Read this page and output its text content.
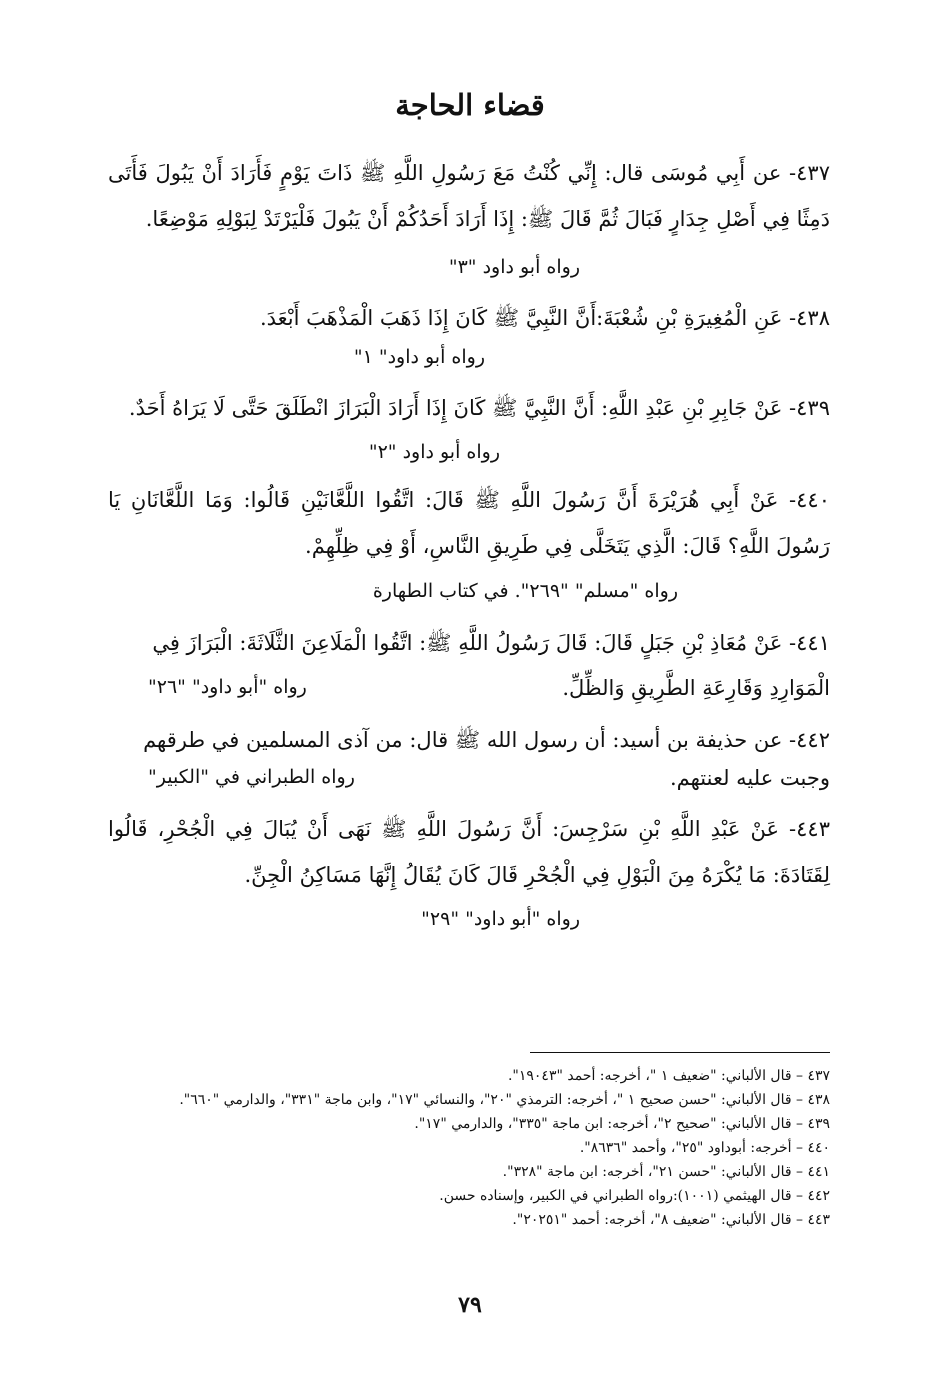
قضاء الحاجة
٤٣٧- عن أَبِي مُوسَى قال: إِنِّي كُنْتُ مَعَ رَسُولِ اللَّهِ ﷺ ذَاتَ يَوْمٍ فَأَرَادَ أَنْ يَبُولَ فَأَتَى دَمِثًا فِي أَصْلِ جِدَارٍ فَبَالَ ثُمَّ قَالَ ﷺ: إِذَا أَرَادَ أَحَدُكُمْ أَنْ يَبُولَ فَلْيَرْتَدْ لِبَوْلِهِ مَوْضِعًا.
رواه أبو داود "٣"
٤٣٨- عَنِ الْمُغِيرَةِ بْنِ شُعْبَةَ:أَنَّ النَّبِيَّ ﷺ كَانَ إِذَا ذَهَبَ الْمَذْهَبَ أَبْعَدَ.
رواه أبو داود" ١"
٤٣٩- عَنْ جَابِرِ بْنِ عَبْدِ اللَّهِ: أَنَّ النَّبِيَّ ﷺ كَانَ إِذَا أَرَادَ الْبَرَازَ انْطَلَقَ حَتَّى لَا يَرَاهُ أَحَدٌ.
رواه أبو داود "٢"
٤٤٠- عَنْ أَبِي هُرَيْرَةَ أَنَّ رَسُولَ اللَّهِ ﷺ قَالَ: اتَّقُوا اللَّعَّانَيْنِ قَالُوا: وَمَا اللَّعَّانَانِ يَا رَسُولَ اللَّهِ؟ قَالَ: الَّذِي يَتَخَلَّى فِي طَرِيقِ النَّاسِ، أَوْ فِي ظِلِّهِمْ.
رواه "مسلم" "٢٦٩". في كتاب الطهارة
٤٤١- عَنْ مُعَاذِ بْنِ جَبَلٍ قَالَ: قَالَ رَسُولُ اللَّهِ ﷺ: اتَّقُوا الْمَلَاعِنَ الثَّلَاثَةَ: الْبَرَازَ فِي
الْمَوَارِدِ وَقَارِعَةِ الطَّرِيقِ وَالظِّلِّ.
رواه "أبو داود" "٢٦"
٤٤٢- عن حذيفة بن أسيد: أن رسول الله ﷺ قال: من آذى المسلمين في طرقهم
وجبت عليه لعنتهم.
رواه الطبراني في "الكبير"
٤٤٣- عَنْ عَبْدِ اللَّهِ بْنِ سَرْجِسَ: أَنَّ رَسُولَ اللَّهِ ﷺ نَهَى أَنْ يُبَالَ فِي الْجُحْرِ، قَالُوا لِقَتَادَةَ: مَا يُكْرَهُ مِنَ الْبَوْلِ فِي الْجُحْرِ قَالَ كَانَ يُقَالُ إِنَّهَا مَسَاكِنُ الْجِنِّ.
رواه "أبو داود" "٢٩"
٤٣٧ – قال الألباني: "ضعيف ١ "، أخرجه: أحمد "١٩٠٤٣".
٤٣٨ – قال الألباني: "حسن صحيح ١ "، أخرجه: الترمذي "٢٠"، والنسائي "١٧"، وابن ماجة "٣٣١"، والدارمي "٦٦٠".
٤٣٩ – قال الألباني: "صحيح ٢"، أخرجه: ابن ماجة "٣٣٥"، والدارمي "١٧".
٤٤٠ – أخرجه: أبوداود "٢٥"، وأحمد "٨٦٣٦".
٤٤١ – قال الألباني: "حسن ٢١"، أخرجه: ابن ماجة "٣٢٨".
٤٤٢ – قال الهيثمي (١٠٠١):رواه الطبراني في الكبير، وإسناده حسن.
٤٤٣ – قال الألباني: "ضعيف ٨"، أخرجه: أحمد "٢٠٢٥١".
٧٩
